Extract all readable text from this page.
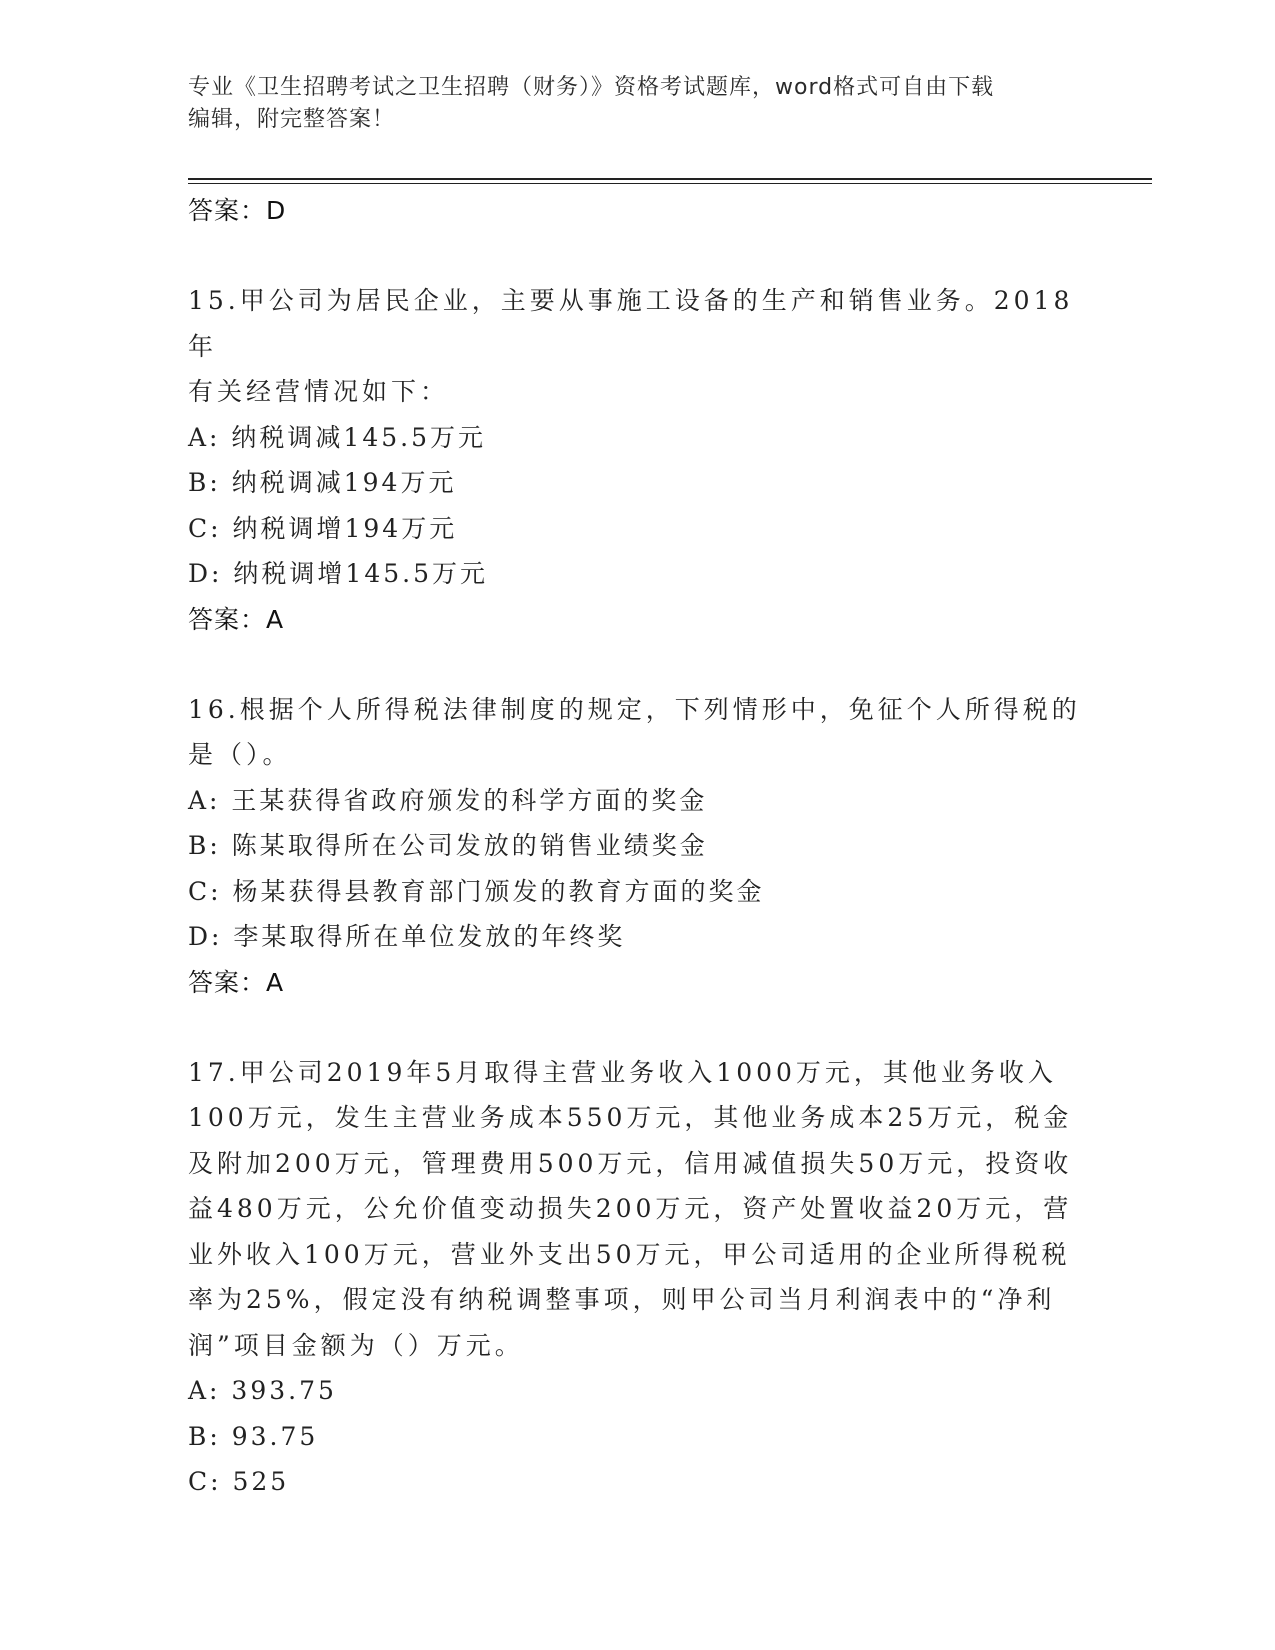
专业《卫生招聘考试之卫生招聘（财务）》资格考试题库，word格式可自由下载
编辑，附完整答案！
答案：D
15.甲公司为居民企业，主要从事施工设备的生产和销售业务。2018年
有关经营情况如下：
A: 纳税调减145.5万元
B: 纳税调减194万元
C: 纳税调增194万元
D: 纳税调增145.5万元
答案：A
16.根据个人所得税法律制度的规定，下列情形中，免征个人所得税的
是（）。
A: 王某获得省政府颁发的科学方面的奖金
B: 陈某取得所在公司发放的销售业绩奖金
C: 杨某获得县教育部门颁发的教育方面的奖金
D: 李某取得所在单位发放的年终奖
答案：A
17.甲公司2019年5月取得主营业务收入1000万元，其他业务收入
100万元，发生主营业务成本550万元，其他业务成本25万元，税金
及附加200万元，管理费用500万元，信用减值损失50万元，投资收
益480万元，公允价值变动损失200万元，资产处置收益20万元，营
业外收入100万元，营业外支出50万元，甲公司适用的企业所得税税
率为25%，假定没有纳税调整事项，则甲公司当月利润表中的“净利
润”项目金额为（）万元。
A: 393.75
B: 93.75
C: 525
